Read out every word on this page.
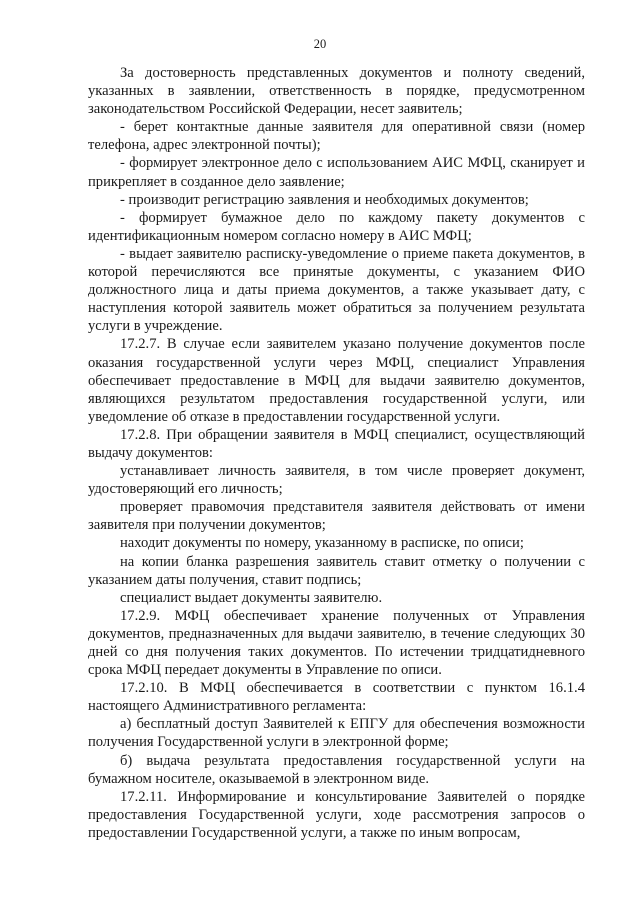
20

За достоверность представленных документов и полноту сведений, указанных в заявлении, ответственность в порядке, предусмотренном законодательством Российской Федерации, несет заявитель;

- берет контактные данные заявителя для оперативной связи (номер телефона, адрес электронной почты);

- формирует электронное дело с использованием АИС МФЦ, сканирует и прикрепляет в созданное дело заявление;

- производит регистрацию заявления и необходимых документов;

- формирует бумажное дело по каждому пакету документов с идентификационным номером согласно номеру в АИС МФЦ;

- выдает заявителю расписку-уведомление о приеме пакета документов, в которой перечисляются все принятые документы, с указанием ФИО должностного лица и даты приема документов, а также указывает дату, с наступления которой заявитель может обратиться за получением результата услуги в учреждение.

17.2.7. В случае если заявителем указано получение документов после оказания государственной услуги через МФЦ, специалист Управления обеспечивает предоставление в МФЦ для выдачи заявителю документов, являющихся результатом предоставления государственной услуги, или уведомление об отказе в предоставлении государственной услуги.

17.2.8. При обращении заявителя в МФЦ специалист, осуществляющий выдачу документов:

устанавливает личность заявителя, в том числе проверяет документ, удостоверяющий его личность;

проверяет правомочия представителя заявителя действовать от имени заявителя при получении документов;

находит документы по номеру, указанному в расписке, по описи;

на копии бланка разрешения заявитель ставит отметку о получении с указанием даты получения, ставит подпись;

специалист выдает документы заявителю.

17.2.9. МФЦ обеспечивает хранение полученных от Управления документов, предназначенных для выдачи заявителю, в течение следующих 30 дней со дня получения таких документов. По истечении тридцатидневного срока МФЦ передает документы в Управление по описи.

17.2.10. В МФЦ обеспечивается в соответствии с пунктом 16.1.4 настоящего Административного регламента:

а) бесплатный доступ Заявителей к ЕПГУ для обеспечения возможности получения Государственной услуги в электронной форме;

б) выдача результата предоставления государственной услуги на бумажном носителе, оказываемой в электронном виде.

17.2.11. Информирование и консультирование Заявителей о порядке предоставления Государственной услуги, ходе рассмотрения запросов о предоставлении Государственной услуги, а также по иным вопросам,
